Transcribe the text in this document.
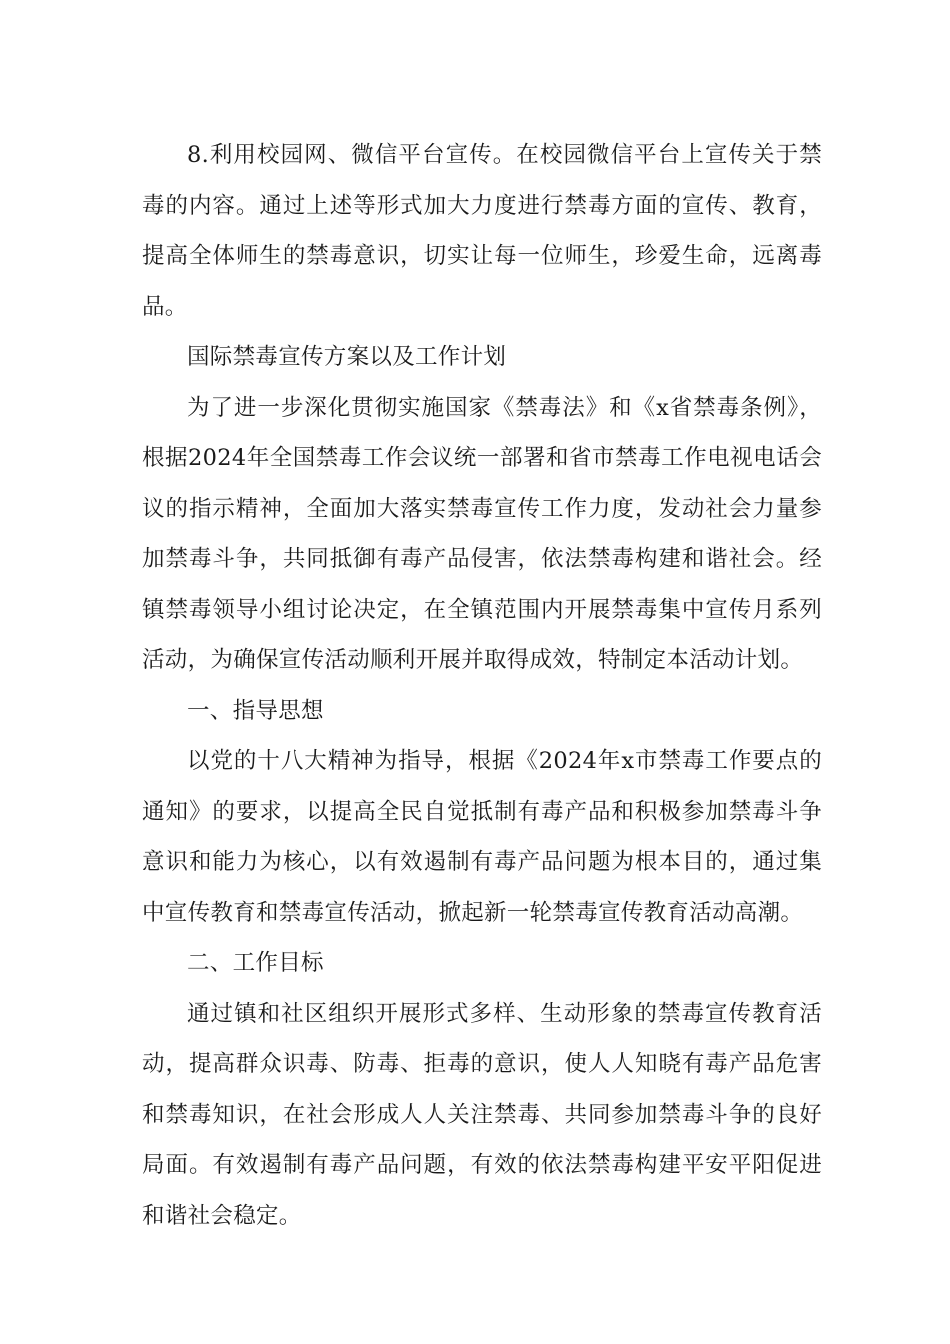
8.利用校园网、微信平台宣传。在校园微信平台上宣传关于禁毒的内容。通过上述等形式加大力度进行禁毒方面的宣传、教育，提高全体师生的禁毒意识，切实让每一位师生，珍爱生命，远离毒品。

国际禁毒宣传方案以及工作计划

为了进一步深化贯彻实施国家《禁毒法》和《x省禁毒条例》，根据2024年全国禁毒工作会议统一部署和省市禁毒工作电视电话会议的指示精神，全面加大落实禁毒宣传工作力度，发动社会力量参加禁毒斗争，共同抵御有毒产品侵害，依法禁毒构建和谐社会。经镇禁毒领导小组讨论决定，在全镇范围内开展禁毒集中宣传月系列活动，为确保宣传活动顺利开展并取得成效，特制定本活动计划。

一、指导思想

以党的十八大精神为指导，根据《2024年x市禁毒工作要点的通知》的要求，以提高全民自觉抵制有毒产品和积极参加禁毒斗争意识和能力为核心，以有效遏制有毒产品问题为根本目的，通过集中宣传教育和禁毒宣传活动，掀起新一轮禁毒宣传教育活动高潮。

二、工作目标

通过镇和社区组织开展形式多样、生动形象的禁毒宣传教育活动，提高群众识毒、防毒、拒毒的意识，使人人知晓有毒产品危害和禁毒知识，在社会形成人人关注禁毒、共同参加禁毒斗争的良好局面。有效遏制有毒产品问题，有效的依法禁毒构建平安平阳促进和谐社会稳定。
